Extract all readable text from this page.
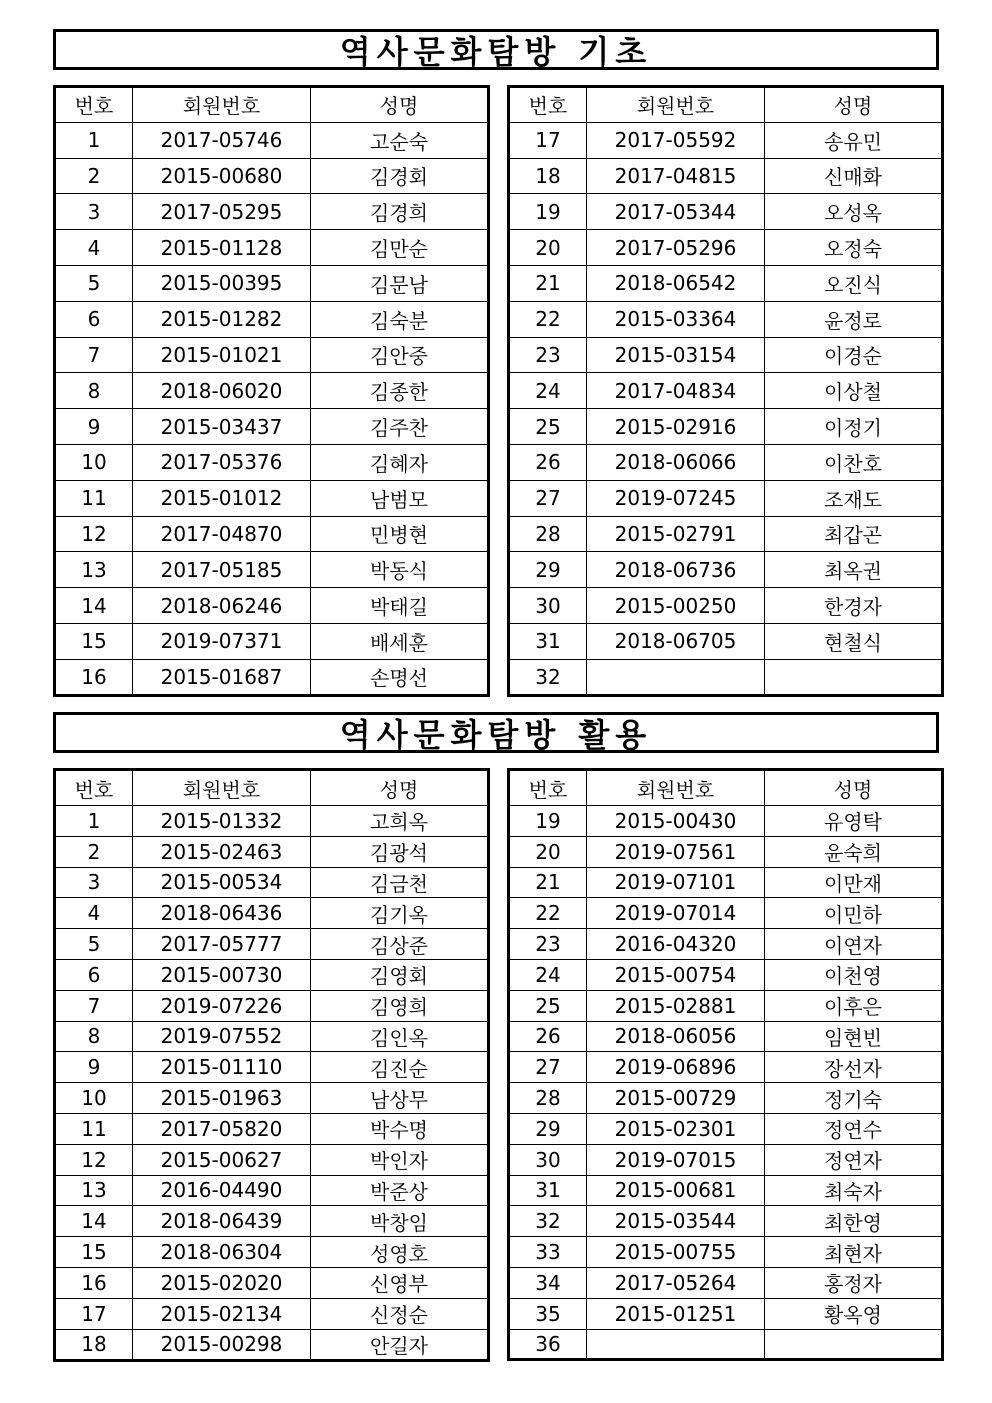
역사문화탐방 기초
번호	회원번호	성명
1	2017-05746	고순숙
2	2015-00680	김경회
3	2017-05295	김경희
4	2015-01128	김만순
5	2015-00395	김문남
6	2015-01282	김숙분
7	2015-01021	김안중
8	2018-06020	김종한
9	2015-03437	김주찬
10	2017-05376	김혜자
11	2015-01012	남범모
12	2017-04870	민병현
13	2017-05185	박동식
14	2018-06246	박태길
15	2019-07371	배세훈
16	2015-01687	손명선
번호	회원번호	성명
17	2017-05592	송유민
18	2017-04815	신매화
19	2017-05344	오성옥
20	2017-05296	오정숙
21	2018-06542	오진식
22	2015-03364	윤정로
23	2015-03154	이경순
24	2017-04834	이상철
25	2015-02916	이정기
26	2018-06066	이찬호
27	2019-07245	조재도
28	2015-02791	최갑곤
29	2018-06736	최옥권
30	2015-00250	한경자
31	2018-06705	현철식
32		
역사문화탐방 활용
번호	회원번호	성명
1	2015-01332	고희옥
2	2015-02463	김광석
3	2015-00534	김금천
4	2018-06436	김기옥
5	2017-05777	김상준
6	2015-00730	김영회
7	2019-07226	김영희
8	2019-07552	김인옥
9	2015-01110	김진순
10	2015-01963	남상무
11	2017-05820	박수명
12	2015-00627	박인자
13	2016-04490	박준상
14	2018-06439	박창임
15	2018-06304	성영호
16	2015-02020	신영부
17	2015-02134	신정순
18	2015-00298	안길자
번호	회원번호	성명
19	2015-00430	유영탁
20	2019-07561	윤숙희
21	2019-07101	이만재
22	2019-07014	이민하
23	2016-04320	이연자
24	2015-00754	이천영
25	2015-02881	이후은
26	2018-06056	임현빈
27	2019-06896	장선자
28	2015-00729	정기숙
29	2015-02301	정연수
30	2019-07015	정연자
31	2015-00681	최숙자
32	2015-03544	최한영
33	2015-00755	최현자
34	2017-05264	홍정자
35	2015-01251	황옥영
36		
